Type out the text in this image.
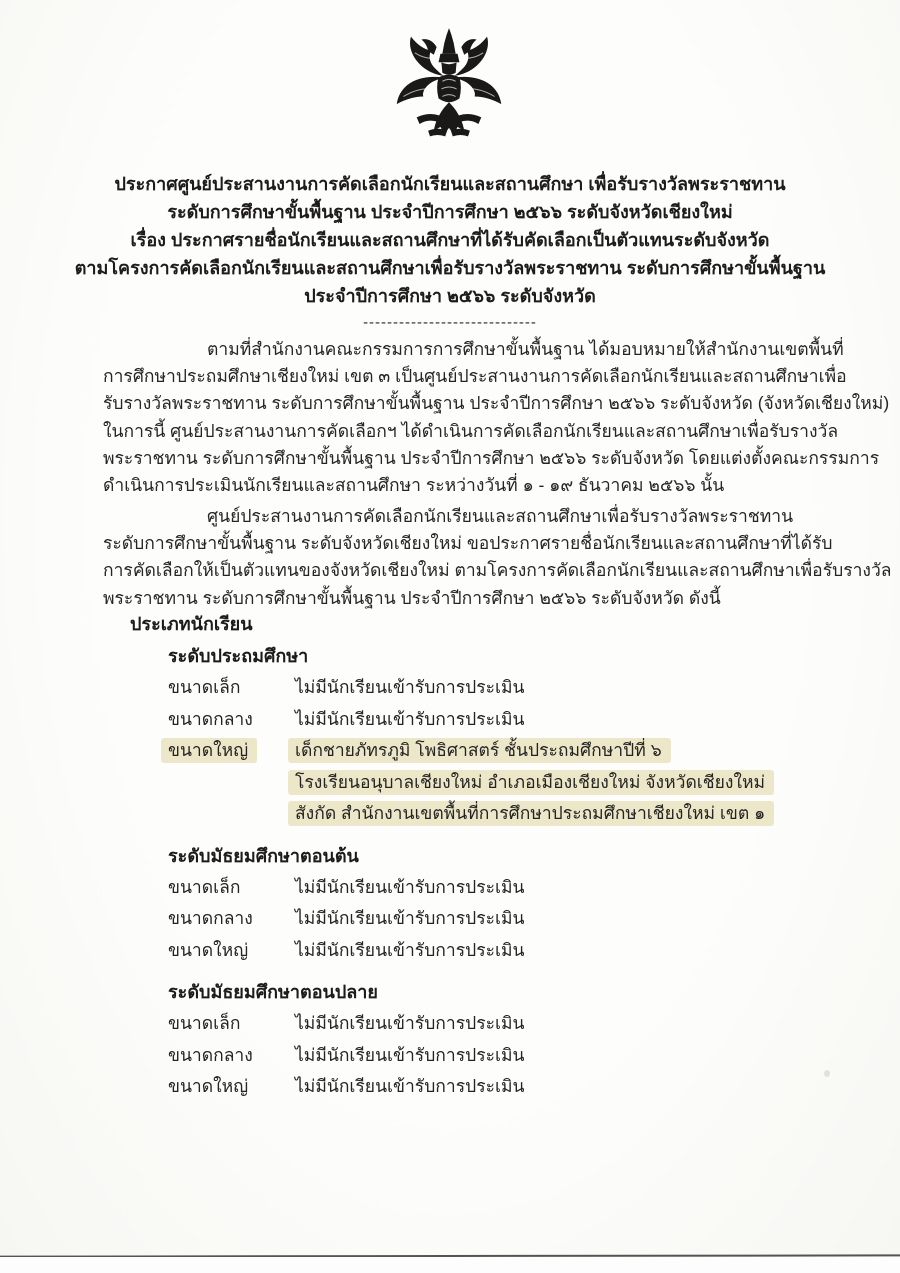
ประกาศศูนย์ประสานงานการคัดเลือกนักเรียนและสถานศึกษา เพื่อรับรางวัลพระราชทาน
ระดับการศึกษาขั้นพื้นฐาน ประจำปีการศึกษา ๒๕๖๖ ระดับจังหวัดเชียงใหม่
เรื่อง ประกาศรายชื่อนักเรียนและสถานศึกษาที่ได้รับคัดเลือกเป็นตัวแทนระดับจังหวัด
ตามโครงการคัดเลือกนักเรียนและสถานศึกษาเพื่อรับรางวัลพระราชทาน ระดับการศึกษาขั้นพื้นฐาน
ประจำปีการศึกษา ๒๕๖๖ ระดับจังหวัด
-----------------------------
ตามที่สำนักงานคณะกรรมการการศึกษาขั้นพื้นฐาน ได้มอบหมายให้สำนักงานเขตพื้นที่
การศึกษาประถมศึกษาเชียงใหม่ เขต ๓ เป็นศูนย์ประสานงานการคัดเลือกนักเรียนและสถานศึกษาเพื่อ
รับรางวัลพระราชทาน ระดับการศึกษาขั้นพื้นฐาน ประจำปีการศึกษา ๒๕๖๖ ระดับจังหวัด (จังหวัดเชียงใหม่)
ในการนี้ ศูนย์ประสานงานการคัดเลือกฯ ได้ดำเนินการคัดเลือกนักเรียนและสถานศึกษาเพื่อรับรางวัล
พระราชทาน ระดับการศึกษาขั้นพื้นฐาน ประจำปีการศึกษา ๒๕๖๖ ระดับจังหวัด โดยแต่งตั้งคณะกรรมการ
ดำเนินการประเมินนักเรียนและสถานศึกษา ระหว่างวันที่ ๑ - ๑๙ ธันวาคม ๒๕๖๖ นั้น
ศูนย์ประสานงานการคัดเลือกนักเรียนและสถานศึกษาเพื่อรับรางวัลพระราชทาน
ระดับการศึกษาขั้นพื้นฐาน ระดับจังหวัดเชียงใหม่ ขอประกาศรายชื่อนักเรียนและสถานศึกษาที่ได้รับ
การคัดเลือกให้เป็นตัวแทนของจังหวัดเชียงใหม่ ตามโครงการคัดเลือกนักเรียนและสถานศึกษาเพื่อรับรางวัล
พระราชทาน ระดับการศึกษาขั้นพื้นฐาน ประจำปีการศึกษา ๒๕๖๖ ระดับจังหวัด ดังนี้
ประเภทนักเรียน
ระดับประถมศึกษา
ขนาดเล็ก	ไม่มีนักเรียนเข้ารับการประเมิน
ขนาดกลาง	ไม่มีนักเรียนเข้ารับการประเมิน
ขนาดใหญ่	เด็กชายภัทรภูมิ โพธิศาสตร์ ชั้นประถมศึกษาปีที่ ๖
โรงเรียนอนุบาลเชียงใหม่ อำเภอเมืองเชียงใหม่ จังหวัดเชียงใหม่
สังกัด สำนักงานเขตพื้นที่การศึกษาประถมศึกษาเชียงใหม่ เขต ๑
ระดับมัธยมศึกษาตอนต้น
ขนาดเล็ก	ไม่มีนักเรียนเข้ารับการประเมิน
ขนาดกลาง	ไม่มีนักเรียนเข้ารับการประเมิน
ขนาดใหญ่	ไม่มีนักเรียนเข้ารับการประเมิน
ระดับมัธยมศึกษาตอนปลาย
ขนาดเล็ก	ไม่มีนักเรียนเข้ารับการประเมิน
ขนาดกลาง	ไม่มีนักเรียนเข้ารับการประเมิน
ขนาดใหญ่	ไม่มีนักเรียนเข้ารับการประเมิน
